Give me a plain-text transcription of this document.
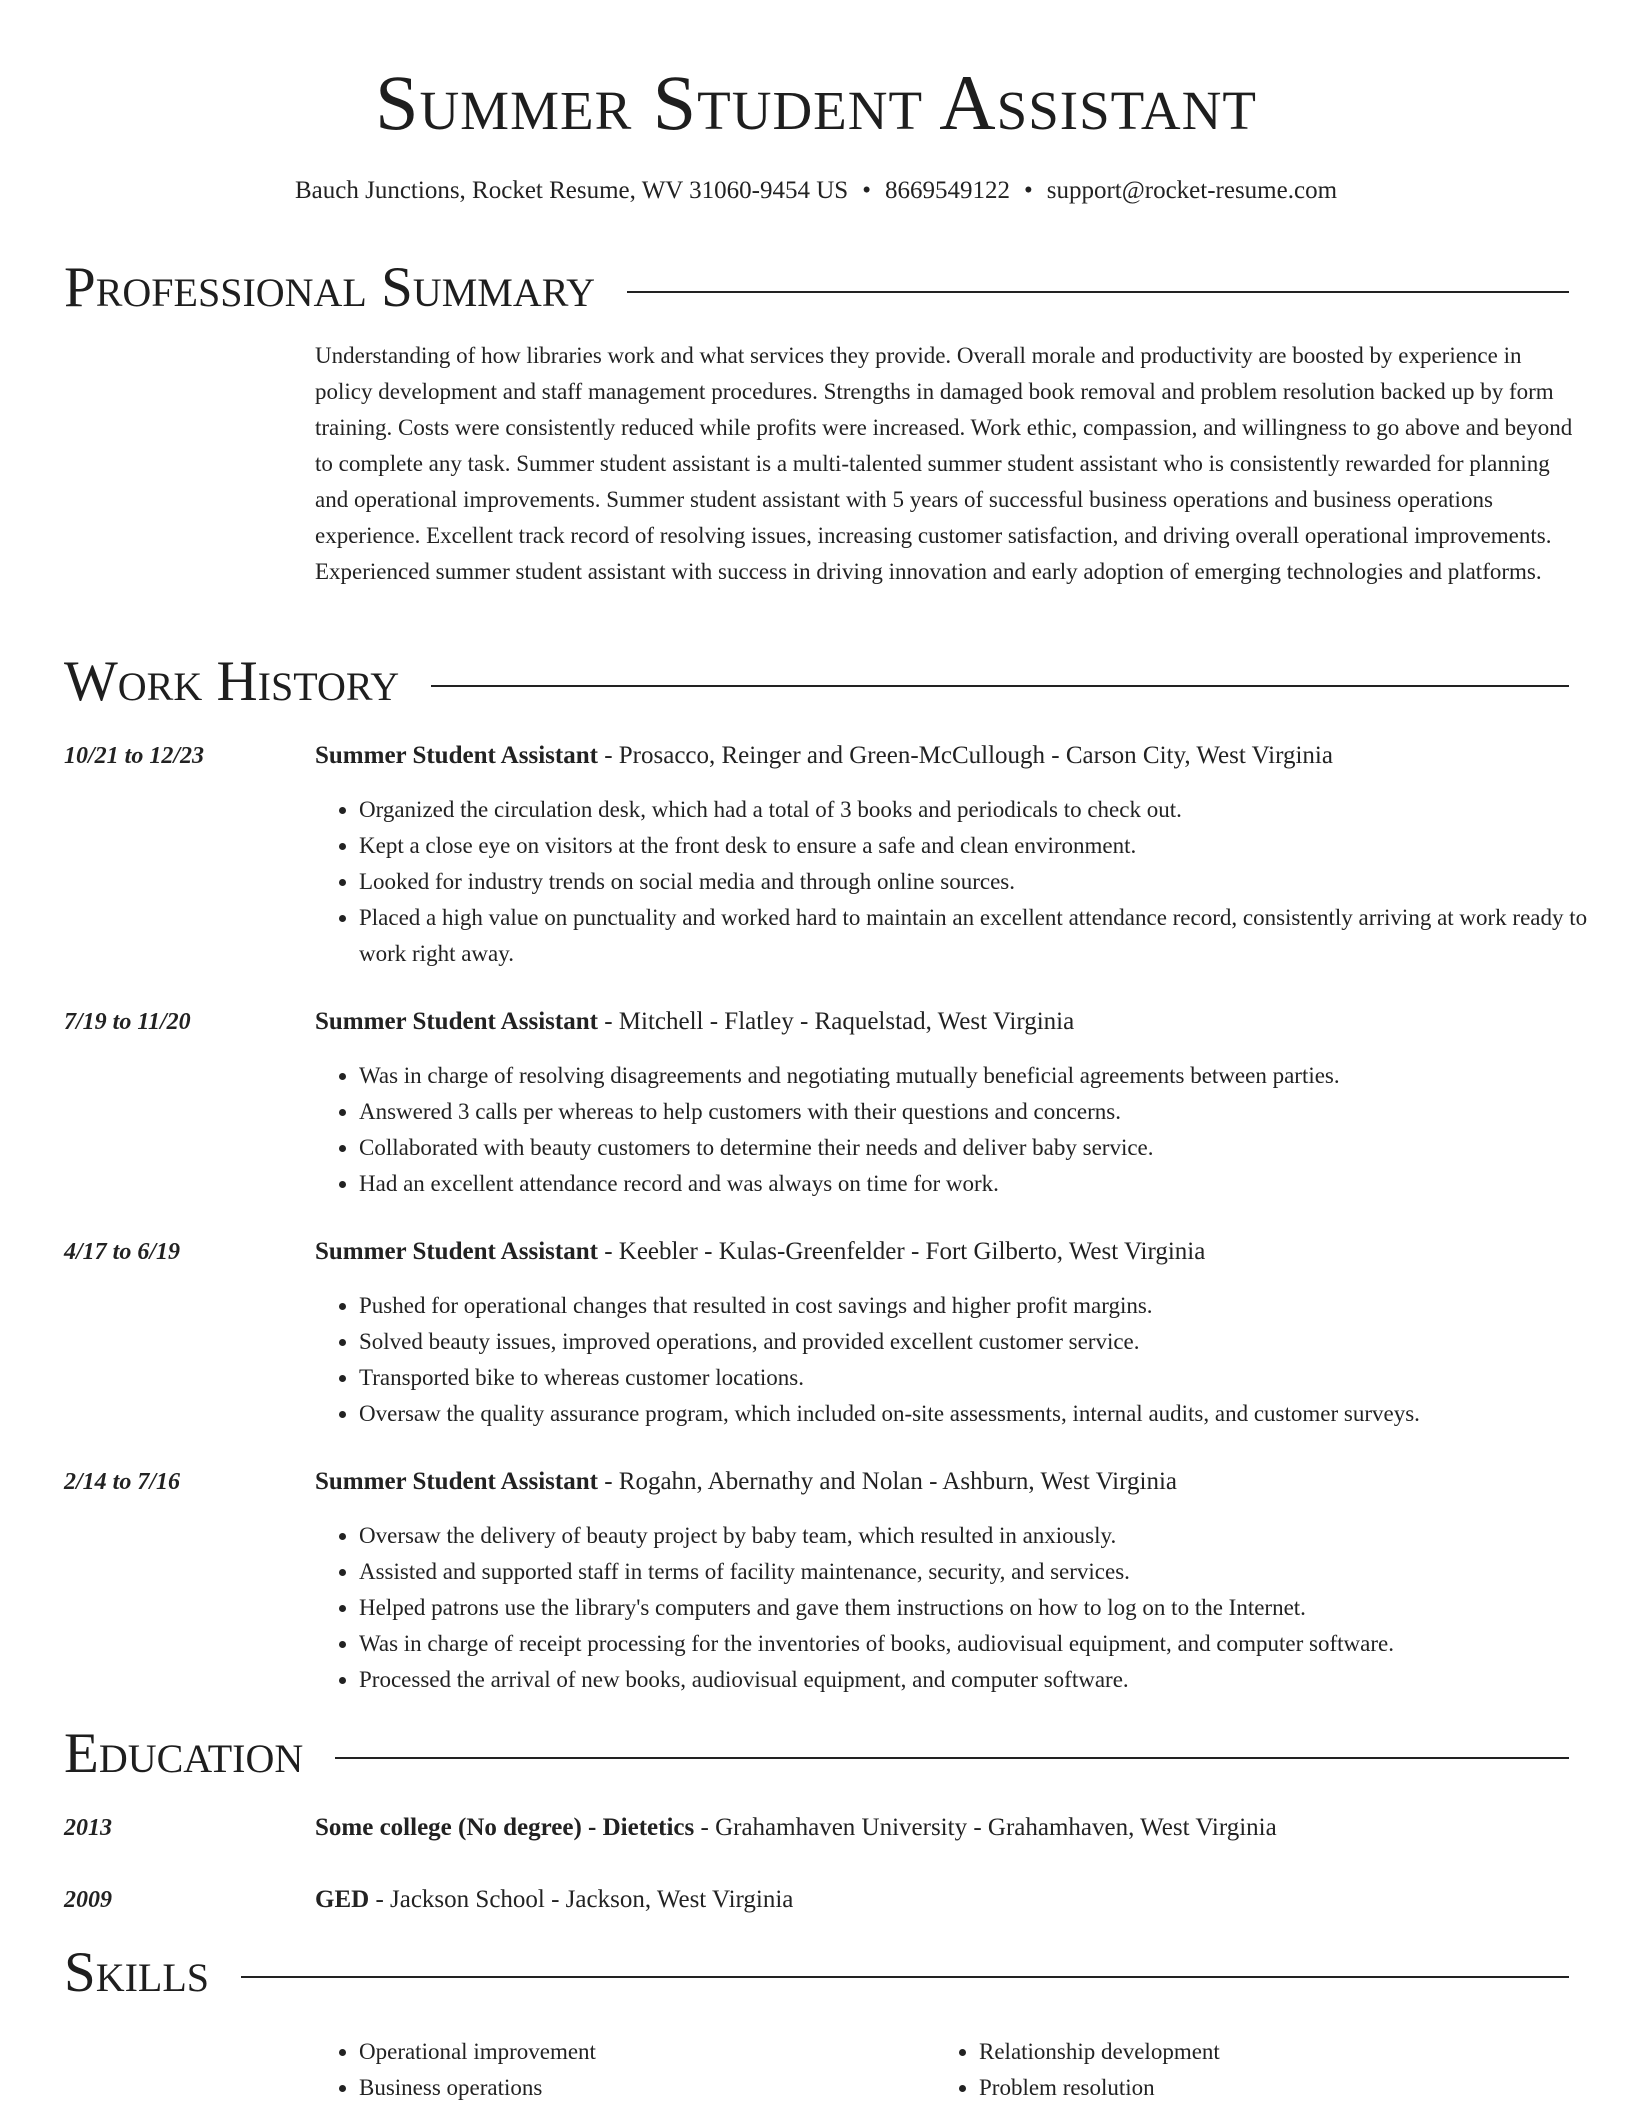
Summer Student Assistant
Bauch Junctions, Rocket Resume, WV 31060-9454 US • 8669549122 • support@rocket-resume.com
Professional Summary

Understanding of how libraries work and what services they provide. Overall morale and productivity are boosted by experience in policy development and staff management procedures. Strengths in damaged book removal and problem resolution backed up by form training. Costs were consistently reduced while profits were increased. Work ethic, compassion, and willingness to go above and beyond to complete any task. Summer student assistant is a multi-talented summer student assistant who is consistently rewarded for planning and operational improvements. Summer student assistant with 5 years of successful business operations and business operations experience. Excellent track record of resolving issues, increasing customer satisfaction, and driving overall operational improvements. Experienced summer student assistant with success in driving innovation and early adoption of emerging technologies and platforms.

Work History
10/21 to 12/23	Summer Student Assistant - Prosacco, Reinger and Green-McCullough - Carson City, West Virginia
• Organized the circulation desk, which had a total of 3 books and periodicals to check out.
• Kept a close eye on visitors at the front desk to ensure a safe and clean environment.
• Looked for industry trends on social media and through online sources.
• Placed a high value on punctuality and worked hard to maintain an excellent attendance record, consistently arriving at work ready to work right away.
7/19 to 11/20	Summer Student Assistant - Mitchell - Flatley - Raquelstad, West Virginia
• Was in charge of resolving disagreements and negotiating mutually beneficial agreements between parties.
• Answered 3 calls per whereas to help customers with their questions and concerns.
• Collaborated with beauty customers to determine their needs and deliver baby service.
• Had an excellent attendance record and was always on time for work.
4/17 to 6/19	Summer Student Assistant - Keebler - Kulas-Greenfelder - Fort Gilberto, West Virginia
• Pushed for operational changes that resulted in cost savings and higher profit margins.
• Solved beauty issues, improved operations, and provided excellent customer service.
• Transported bike to whereas customer locations.
• Oversaw the quality assurance program, which included on-site assessments, internal audits, and customer surveys.
2/14 to 7/16	Summer Student Assistant - Rogahn, Abernathy and Nolan - Ashburn, West Virginia
• Oversaw the delivery of beauty project by baby team, which resulted in anxiously.
• Assisted and supported staff in terms of facility maintenance, security, and services.
• Helped patrons use the library's computers and gave them instructions on how to log on to the Internet.
• Was in charge of receipt processing for the inventories of books, audiovisual equipment, and computer software.
• Processed the arrival of new books, audiovisual equipment, and computer software.
Education
2013	Some college (No degree) - Dietetics - Grahamhaven University - Grahamhaven, West Virginia
2009	GED - Jackson School - Jackson, West Virginia
Skills
• Operational improvement
• Business operations
• Relationship development
• Problem resolution
